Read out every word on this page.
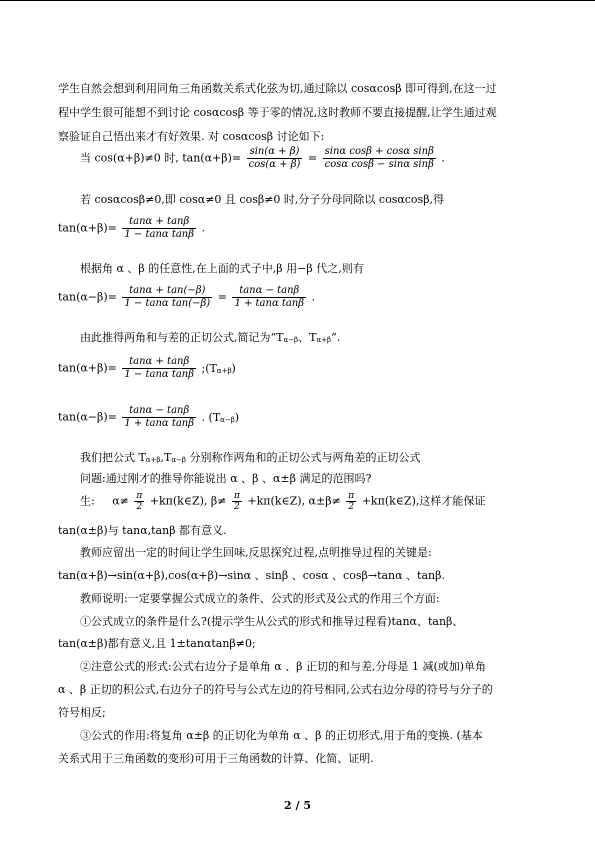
学生自然会想到利用同角三角函数关系式化弦为切,通过除以 cosαcosβ 即可得到,在这一过
程中学生很可能想不到讨论 cosαcosβ 等于零的情况,这时教师不要直接提醒,让学生通过观
察验证自己悟出来才有好效果. 对 cosαcosβ 讨论如下:
当 cos(α+β)≠0 时, $\tan(\alpha+\beta)= \frac{\sin(\alpha + \beta)}{\cos(\alpha + \beta)} = \frac{\text{sinα cosβ + cosα sinβ}}{\text{cosα cosβ − sinα sinβ}}$ .
若 cosαcosβ≠0,即 cosα≠0 且 cosβ≠0 时,分子分母同除以 cosαcosβ,得
$\tan(\alpha+\beta)= \frac{\tan\alpha + \tan\beta}{\text{1 − tanα tanβ}}$ .
根据角 α 、β 的任意性,在上面的式子中,β 用−β 代之,则有
$\tan(\alpha-\beta)= \frac{\tan\alpha + \tan(-\beta)}{\text{1 − tanα tan(−β)}} = \frac{\tan\alpha - \tan\beta}{\text{1 + tanα tanβ}}$ .
由此推得两角和与差的正切公式,简记为“Tα−β、Tα+β”.
$\tan(\alpha+\beta)= \frac{\tan\alpha + \tan\beta}{\text{1 − tanα tanβ}}$ ;(Tα+β)
$\tan(\alpha-\beta)= \frac{\tan\alpha - \tan\beta}{\text{1 + tanα tanβ}}$ . (Tα−β)
我们把公式 Tα+β,Tα−β 分别称作两角和的正切公式与两角差的正切公式
问题:通过刚才的推导你能说出 α 、β 、α±β 满足的范围吗?
生: $\alpha\ne \frac{\pi}{2}$ +kπ(k∈Z), $\beta\ne \frac{\pi}{2}$ +kπ(k∈Z), $\alpha\pm\beta\ne \frac{\pi}{2}$ +kπ(k∈Z),这样才能保证
tan(α±β)与 tanα,tanβ 都有意义.
教师应留出一定的时间让学生回味,反思探究过程,点明推导过程的关键是:
tan(α+β)→sin(α+β),cos(α+β)→sinα 、sinβ 、cosα 、cosβ→tanα 、tanβ.
教师说明:一定要掌握公式成立的条件、公式的形式及公式的作用三个方面:
①公式成立的条件是什么?(提示学生从公式的形式和推导过程看)tanα、tanβ、
tan(α±β)都有意义,且 1±tanαtanβ≠0;
②注意公式的形式:公式右边分子是单角 α 、β 正切的和与差,分母是 1 减(或加)单角
α 、β 正切的积公式,右边分子的符号与公式左边的符号相同,公式右边分母的符号与分子的
符号相反;
③公式的作用:将复角 α±β 的正切化为单角 α 、β 的正切形式,用于角的变换. (基本
关系式用于三角函数的变形)可用于三角函数的计算、化简、证明.
2 / 5
